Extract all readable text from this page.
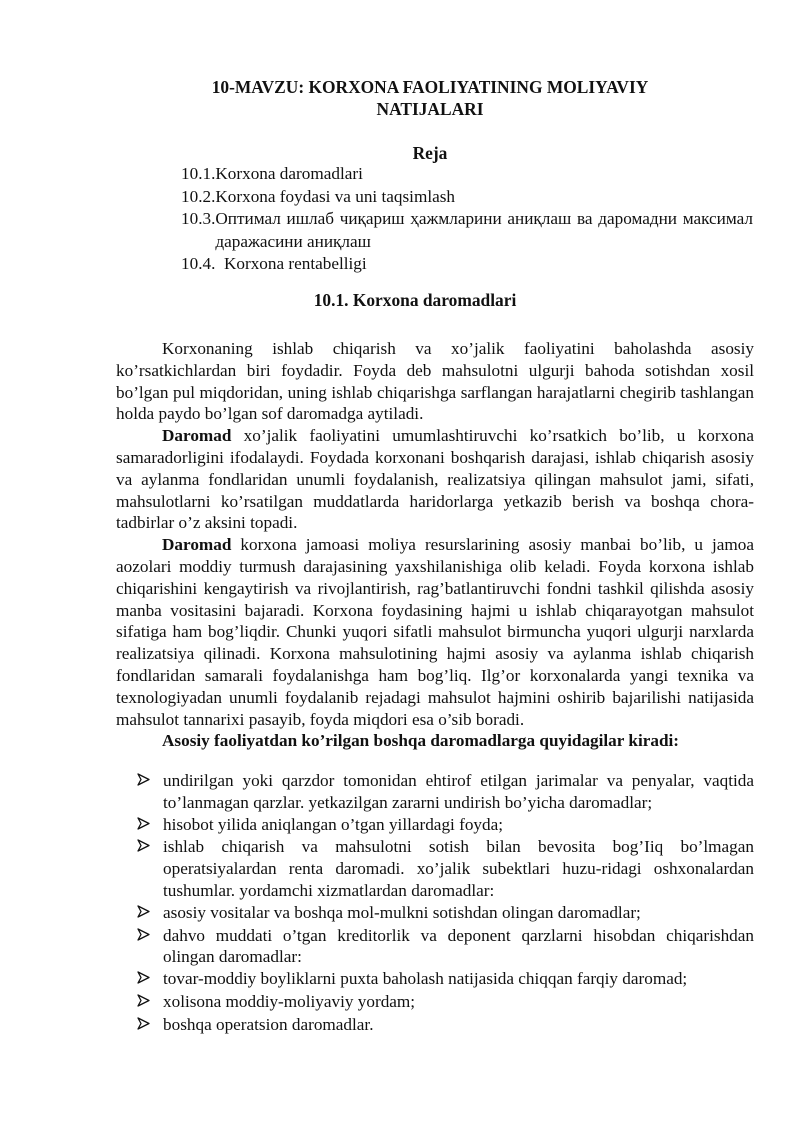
10-MAVZU: KORXONA FAOLIYATINING MOLIYAVIY
NATIJALARI
Reja
10.1. Korxona daromadlari
10.2. Korxona foydasi va uni taqsimlash
10.3. Оптимал ишлаб чиқариш ҳажмларини аниқлаш ва даромадни максимал даражасини аниқлаш
10.4. Korxona rentabelligi
10.1. Korxona daromadlari

Korxonaning ishlab chiqarish va xo’jalik faoliyatini baholashda asosiy ko’rsatkichlardan biri foydadir. Foyda deb mahsulotni ulgurji bahoda sotishdan xosil bo’lgan pul miqdoridan, uning ishlab chiqarishga sarflangan harajatlarni chegirib tashlangan holda paydo bo’lgan sof daromadga aytiladi.

Daromad xo’jalik faoliyatini umumlashtiruvchi ko’rsatkich bo’lib, u korxona samaradorligini ifodalaydi. Foydada korxonani boshqarish darajasi, ishlab chiqarish asosiy va aylanma fondlaridan unumli foydalanish, realizatsiya qilingan mahsulot jami, sifati, mahsulotlarni ko’rsatilgan muddatlarda haridorlarga yetkazib berish va boshqa chora-tadbirlar o’z aksini topadi.

Daromad korxona jamoasi moliya resurslarining asosiy manbai bo’lib, u jamoa aozolari moddiy turmush darajasining yaxshilanishiga olib keladi. Foyda korxona ishlab chiqarishini kengaytirish va rivojlantirish, rag’batlantiruvchi fondni tashkil qilishda asosiy manba vositasini bajaradi. Korxona foydasining hajmi u ishlab chiqarayotgan mahsulot sifatiga ham bog’liqdir. Chunki yuqori sifatli mahsulot birmuncha yuqori ulgurji narxlarda realizatsiya qilinadi. Korxona mahsulotining hajmi asosiy va aylanma ishlab chiqarish fondlaridan samarali foydalanishga ham bog’liq. Ilg’or korxonalarda yangi texnika va texnologiyadan unumli foydalanib rejadagi mahsulot hajmini oshirib bajarilishi natijasida mahsulot tannarixi pasayib, foyda miqdori esa o’sib boradi.

Asosiy faoliyatdan ko’rilgan boshqa daromadlarga quyidagilar kiradi:

undirilgan yoki qarzdor tomonidan ehtirof etilgan jarimalar va penyalar, vaqtida to’lanmagan qarzlar. yetkazilgan zararni undirish bo’yicha daromadlar;
hisobot yilida aniqlangan o’tgan yillardagi foyda;
ishlab chiqarish va mahsulotni sotish bilan bevosita bog’Iiq bo’lmagan operatsiyalardan renta daromadi. xo’jalik subektlari huzu-ridagi oshxonalardan tushumlar. yordamchi xizmatlardan daromadlar:
asosiy vositalar va boshqa mol-mulkni sotishdan olingan daromadlar;
dahvo muddati o’tgan kreditorlik va deponent qarzlarni hisobdan chiqarishdan olingan daromadlar:
tovar-moddiy boyliklarni puxta baholash natijasida chiqqan farqiy daromad;
xolisona moddiy-moliyaviy yordam;
boshqa operatsion daromadlar.
